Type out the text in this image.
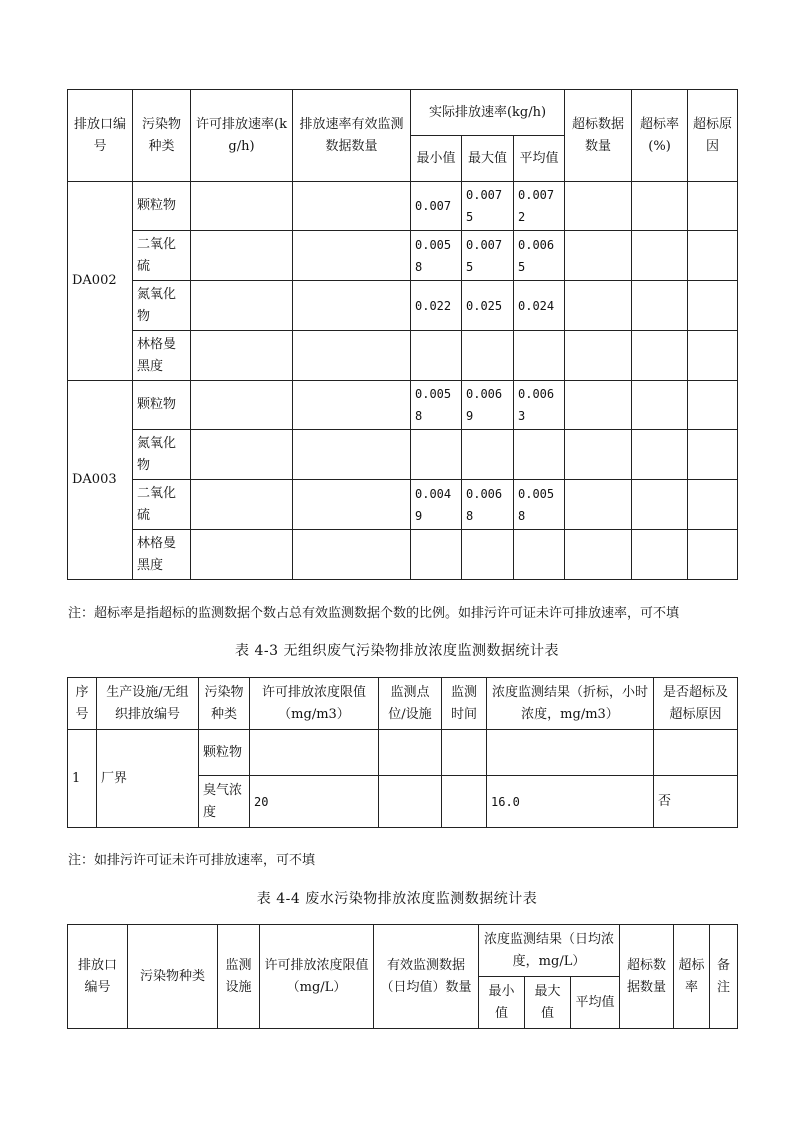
排放口编号	污染物种类	许可排放速率(kg/h)	排放速率有效监测数据数量	实际排放速率(kg/h)			超标数据数量	超标率(%)	超标原因
				最小值	最大值	平均值			
DA002	颗粒物			0.007	0.0075	0.0072			
	二氧化硫			0.0058	0.0075	0.0065			
	氮氧化物			0.022	0.025	0.024			
	林格曼黑度								
DA003	颗粒物			0.0058	0.0069	0.0063			
	氮氧化物								
	二氧化硫			0.0049	0.0068	0.0058			
	林格曼黑度								
注：超标率是指超标的监测数据个数占总有效监测数据个数的比例。如排污许可证未许可排放速率，可不填
表 4-3 无组织废气污染物排放浓度监测数据统计表
序号	生产设施/无组织排放编号	污染物种类	许可排放浓度限值（mg/m3）	监测点位/设施	监测时间	浓度监测结果（折标，小时浓度，mg/m3）	是否超标及超标原因
1	厂界	颗粒物					
		臭气浓度	20			16.0	否
注：如排污许可证未许可排放速率，可不填
表 4-4 废水污染物排放浓度监测数据统计表
排放口编号	污染物种类	监测设施	许可排放浓度限值（mg/L）	有效监测数据（日均值）数量	浓度监测结果（日均浓度，mg/L）			超标数据数量	超标率	备注
					最小值	最大值	平均值			
